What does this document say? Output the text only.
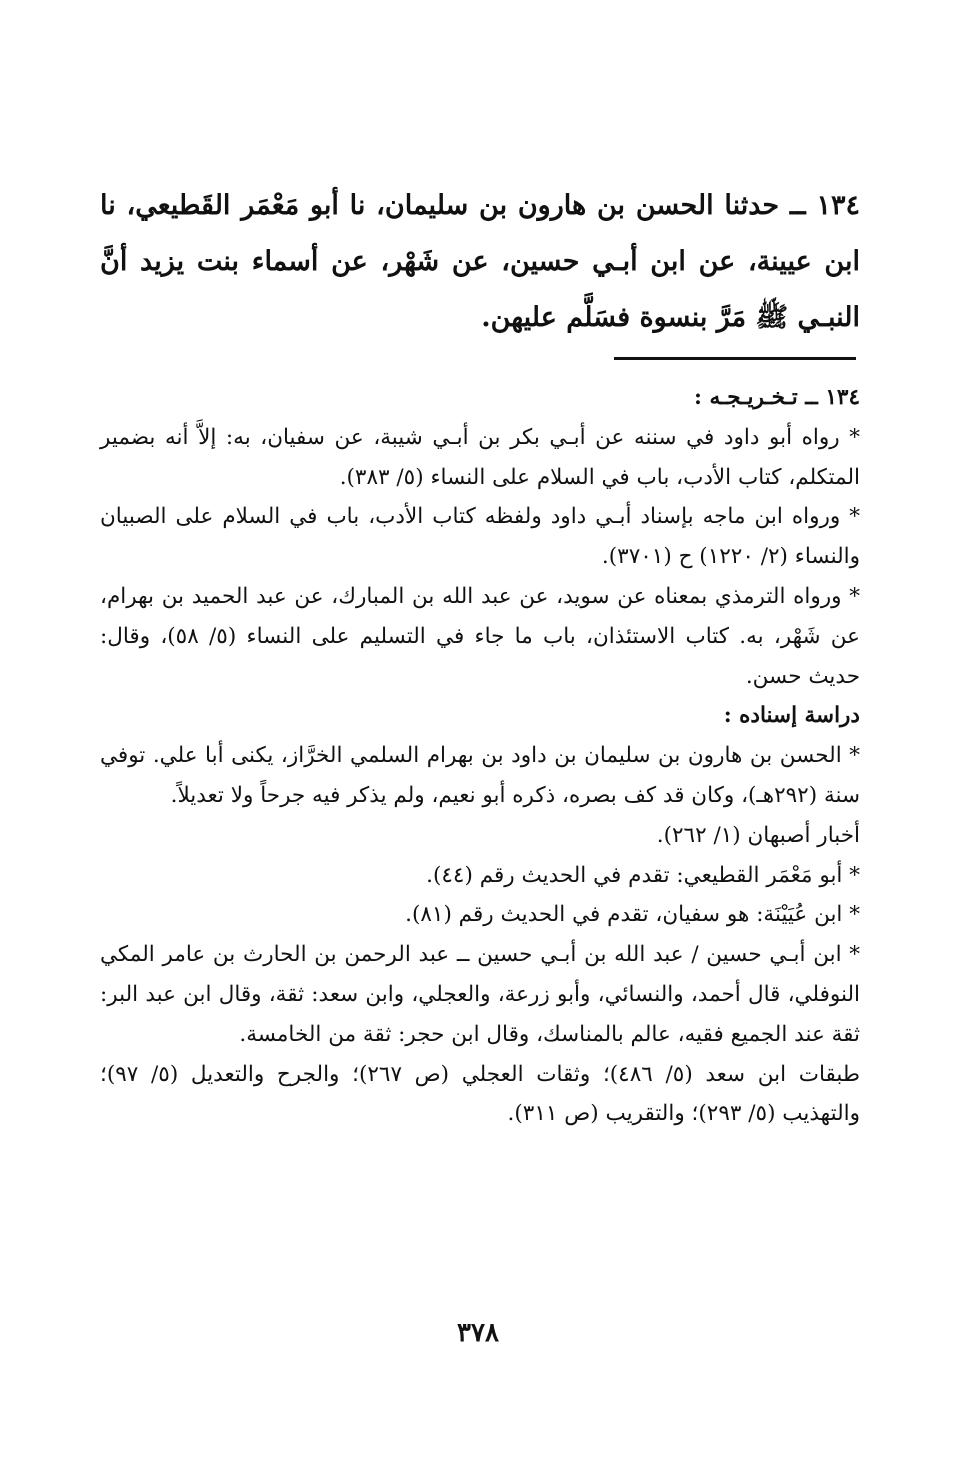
١٣٤ ــ حدثنا الحسن بن هارون بن سليمان، نا أبو مَعْمَر القَطيعي، نا ابن عيينة، عن ابن أبـي حسين، عن شَهْر، عن أسماء بنت يزيد أنَّ النبـي ﷺ مَرَّ بنسوة فسَلَّم عليهن.

١٣٤ ــ تـخـريـجـه :

* رواه أبو داود في سننه عن أبـي بكر بن أبـي شيبة، عن سفيان، به: إلاَّ أنه بضمير المتكلم، كتاب الأدب، باب في السلام على النساء (٥/ ٣٨٣).

* ورواه ابن ماجه بإسناد أبـي داود ولفظه كتاب الأدب، باب في السلام على الصبيان والنساء (٢/ ١٢٢٠) ح (٣٧٠١).

* ورواه الترمذي بمعناه عن سويد، عن عبد الله بن المبارك، عن عبد الحميد بن بهرام، عن شَهْر، به. كتاب الاستئذان، باب ما جاء في التسليم على النساء (٥/ ٥٨)، وقال: حديث حسن.

دراسة إسناده :

* الحسن بن هارون بن سليمان بن داود بن بهرام السلمي الخرَّاز، يكنى أبا علي. توفي سنة (٢٩٢هـ)، وكان قد كف بصره، ذكره أبو نعيم، ولم يذكر فيه جرحاً ولا تعديلاً.

أخبار أصبهان (١/ ٢٦٢).

* أبو مَعْمَر القطيعي: تقدم في الحديث رقم (٤٤).

* ابن عُيَيْنَة: هو سفيان، تقدم في الحديث رقم (٨١).

* ابن أبـي حسين / عبد الله بن أبـي حسين ــ عبد الرحمن بن الحارث بن عامر المكي النوفلي، قال أحمد، والنسائي، وأبو زرعة، والعجلي، وابن سعد: ثقة، وقال ابن عبد البر: ثقة عند الجميع فقيه، عالم بالمناسك، وقال ابن حجر: ثقة من الخامسة.

طبقات ابن سعد (٥/ ٤٨٦)؛ وثقات العجلي (ص ٢٦٧)؛ والجرح والتعديل (٥/ ٩٧)؛ والتهذيب (٥/ ٢٩٣)؛ والتقريب (ص ٣١١).

٣٧٨
